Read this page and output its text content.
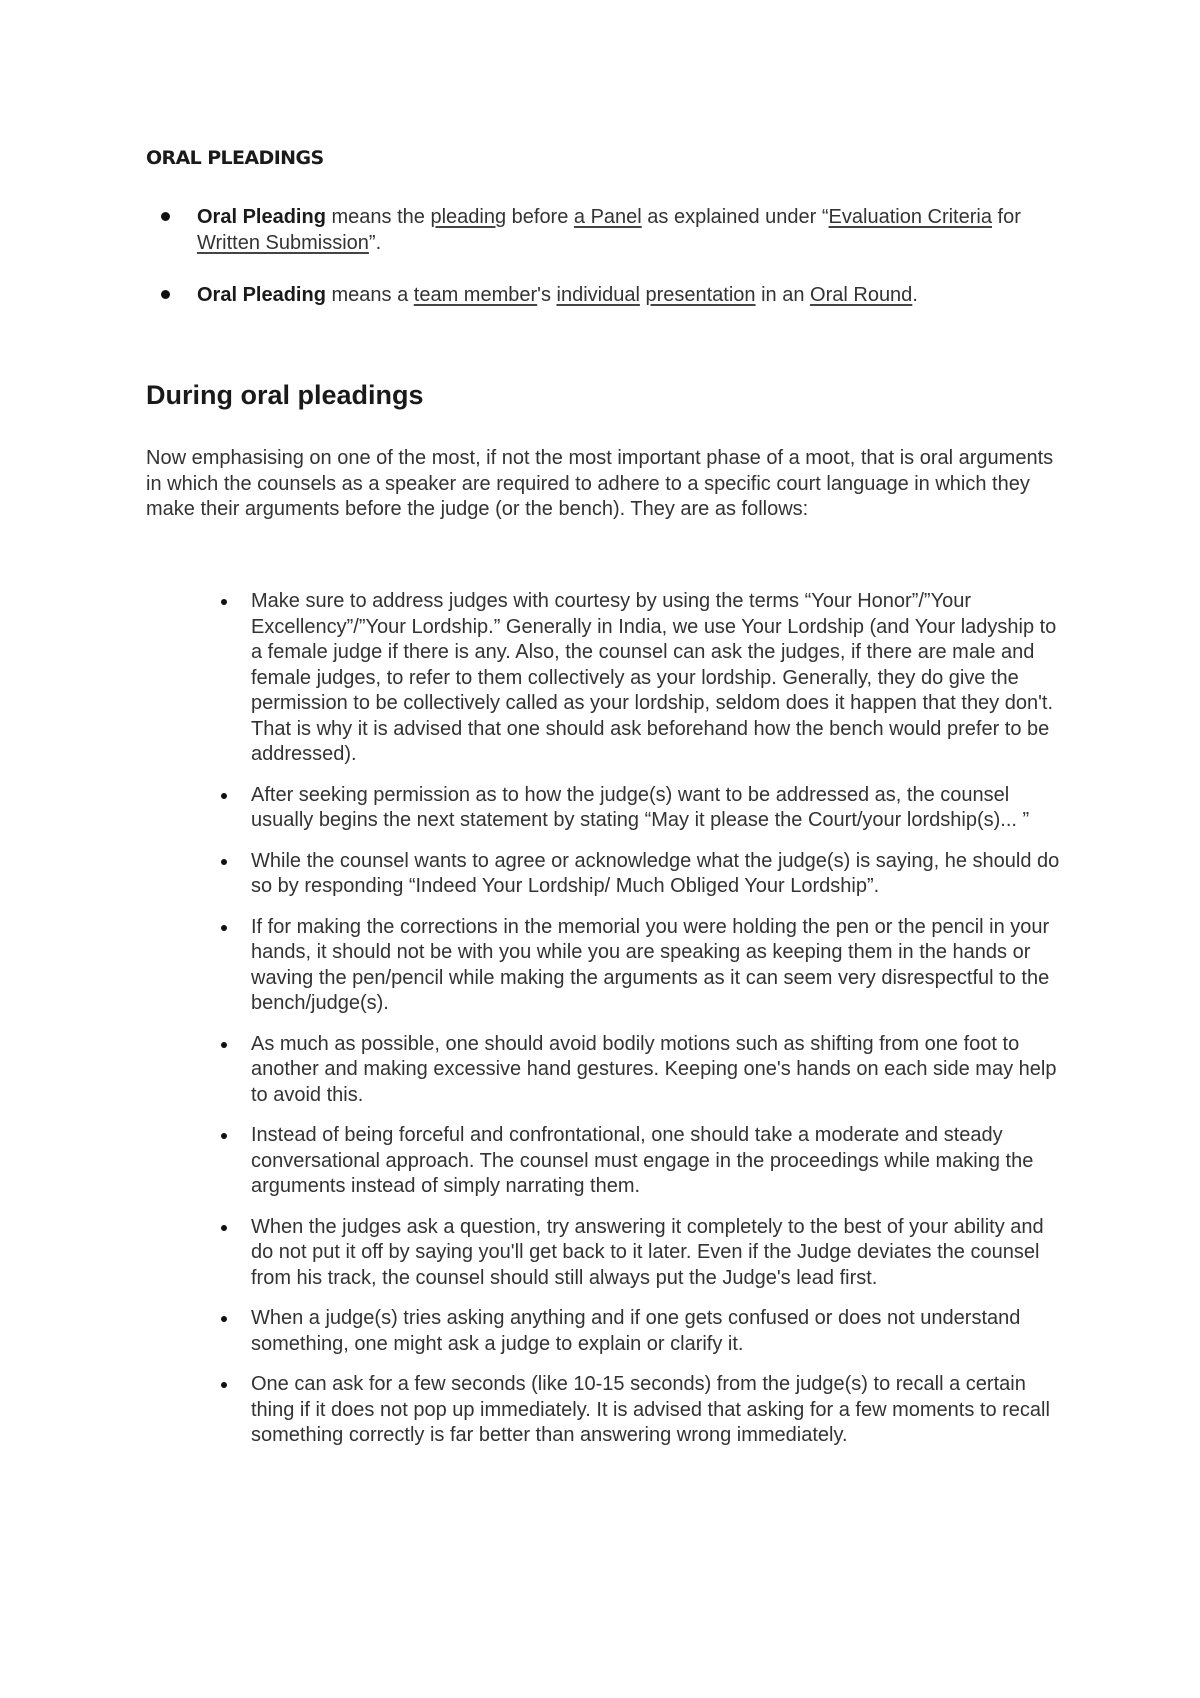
ORAL PLEADINGS
Oral Pleading means the pleading before a Panel as explained under “Evaluation Criteria for Written Submission”.
Oral Pleading means a team member's individual presentation in an Oral Round.
During oral pleadings

Now emphasising on one of the most, if not the most important phase of a moot, that is oral arguments in which the counsels as a speaker are required to adhere to a specific court language in which they make their arguments before the judge (or the bench). They are as follows:

Make sure to address judges with courtesy by using the terms “Your Honor”/”Your Excellency”/”Your Lordship.” Generally in India, we use Your Lordship (and Your ladyship to a female judge if there is any. Also, the counsel can ask the judges, if there are male and female judges, to refer to them collectively as your lordship. Generally, they do give the permission to be collectively called as your lordship, seldom does it happen that they don't. That is why it is advised that one should ask beforehand how the bench would prefer to be addressed).
After seeking permission as to how the judge(s) want to be addressed as, the counsel usually begins the next statement by stating “May it please the Court/your lordship(s)... ”
While the counsel wants to agree or acknowledge what the judge(s) is saying, he should do so by responding “Indeed Your Lordship/ Much Obliged Your Lordship”.
If for making the corrections in the memorial you were holding the pen or the pencil in your hands, it should not be with you while you are speaking as keeping them in the hands or waving the pen/pencil while making the arguments as it can seem very disrespectful to the bench/judge(s).
As much as possible, one should avoid bodily motions such as shifting from one foot to another and making excessive hand gestures. Keeping one's hands on each side may help to avoid this.
Instead of being forceful and confrontational, one should take a moderate and steady conversational approach. The counsel must engage in the proceedings while making the arguments instead of simply narrating them.
When the judges ask a question, try answering it completely to the best of your ability and do not put it off by saying you'll get back to it later. Even if the Judge deviates the counsel from his track, the counsel should still always put the Judge's lead first.
When a judge(s) tries asking anything and if one gets confused or does not understand something, one might ask a judge to explain or clarify it.
One can ask for a few seconds (like 10-15 seconds) from the judge(s) to recall a certain thing if it does not pop up immediately. It is advised that asking for a few moments to recall something correctly is far better than answering wrong immediately.
